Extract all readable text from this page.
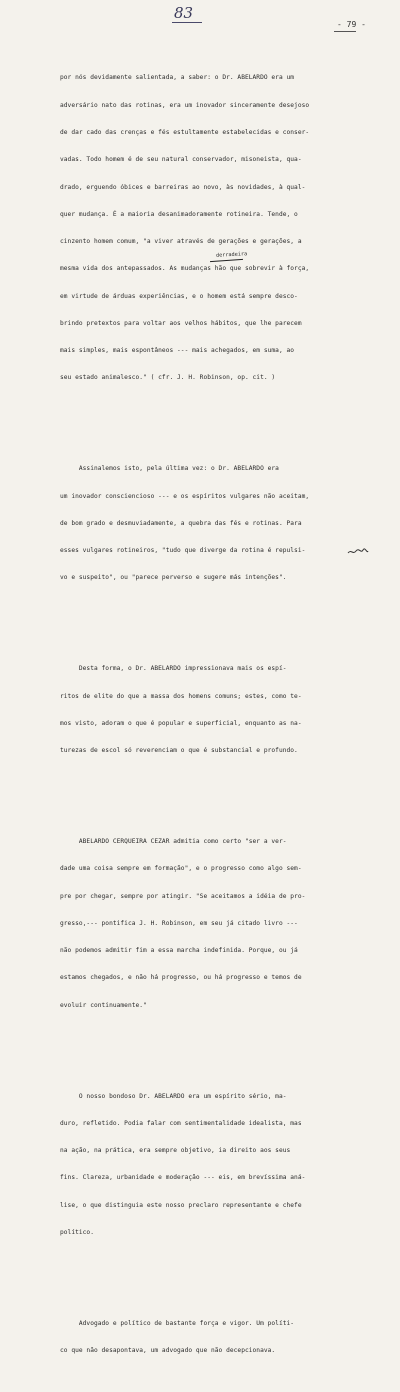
83
- 79 -
derradeira

por nós devidamente salientada, a saber: o Dr. ABELARDO era um

adversário nato das rotinas, era um inovador sinceramente desejoso

de dar cado das crenças e fés estultamente estabelecidas e conser-

vadas. Todo homem é de seu natural conservador, misoneista, qua-

drado, erguendo óbices e barreiras ao novo, às novidades, à qual-

quer mudança. É a maioria desanimadoramente rotineira. Tende, o

cinzento homem comum, "a viver através de gerações e gerações, a

mesma vida dos antepassados. As mudanças hão que sobrevir à força,

em virtude de árduas experiências, e o homem está sempre desco-

brindo pretextos para voltar aos velhos hábitos, que lhe parecem

mais simples, mais espontâneos --- mais achegados, em suma, ao

seu estado animalesco." ( cfr. J. H. Robinson, op. cit. )

Assinalemos isto, pela última vez: o Dr. ABELARDO era

um inovador consciencioso --- e os espíritos vulgares não aceitam,

de bom grado e desmuviadamente, a quebra das fés e rotinas. Para

esses vulgares rotineiros, "tudo que diverge da rotina é repulsi-

vo e suspeito", ou "parece perverso e sugere más intenções".

Desta forma, o Dr. ABELARDO impressionava mais os espí-

ritos de elite do que a massa dos homens comuns; estes, como te-

mos visto, adoram o que é popular e superficial, enquanto as na-

turezas de escol só reverenciam o que é substancial e profundo.

ABELARDO CERQUEIRA CEZAR admitia como certo "ser a ver-

dade uma coisa sempre em formação", e o progresso como algo sem-

pre por chegar, sempre por atingir. "Se aceitamos a idéia de pro-

gresso,--- pontifica J. H. Robinson, em seu já citado livro ---

não podemos admitir fim a essa marcha indefinida. Porque, ou já

estamos chegados, e não há progresso, ou há progresso e temos de

evoluir continuamente."

O nosso bondoso Dr. ABELARDO era um espírito sério, ma-

duro, refletido. Podia falar com sentimentalidade idealista, mas

na ação, na prática, era sempre objetivo, ia direito aos seus

fins. Clareza, urbanidade e moderação --- eis, em brevíssima aná-

lise, o que distinguia este nosso preclaro representante e chefe

político.

Advogado e político de bastante força e vigor. Um políti-

co que não desapontava, um advogado que não decepcionava.
